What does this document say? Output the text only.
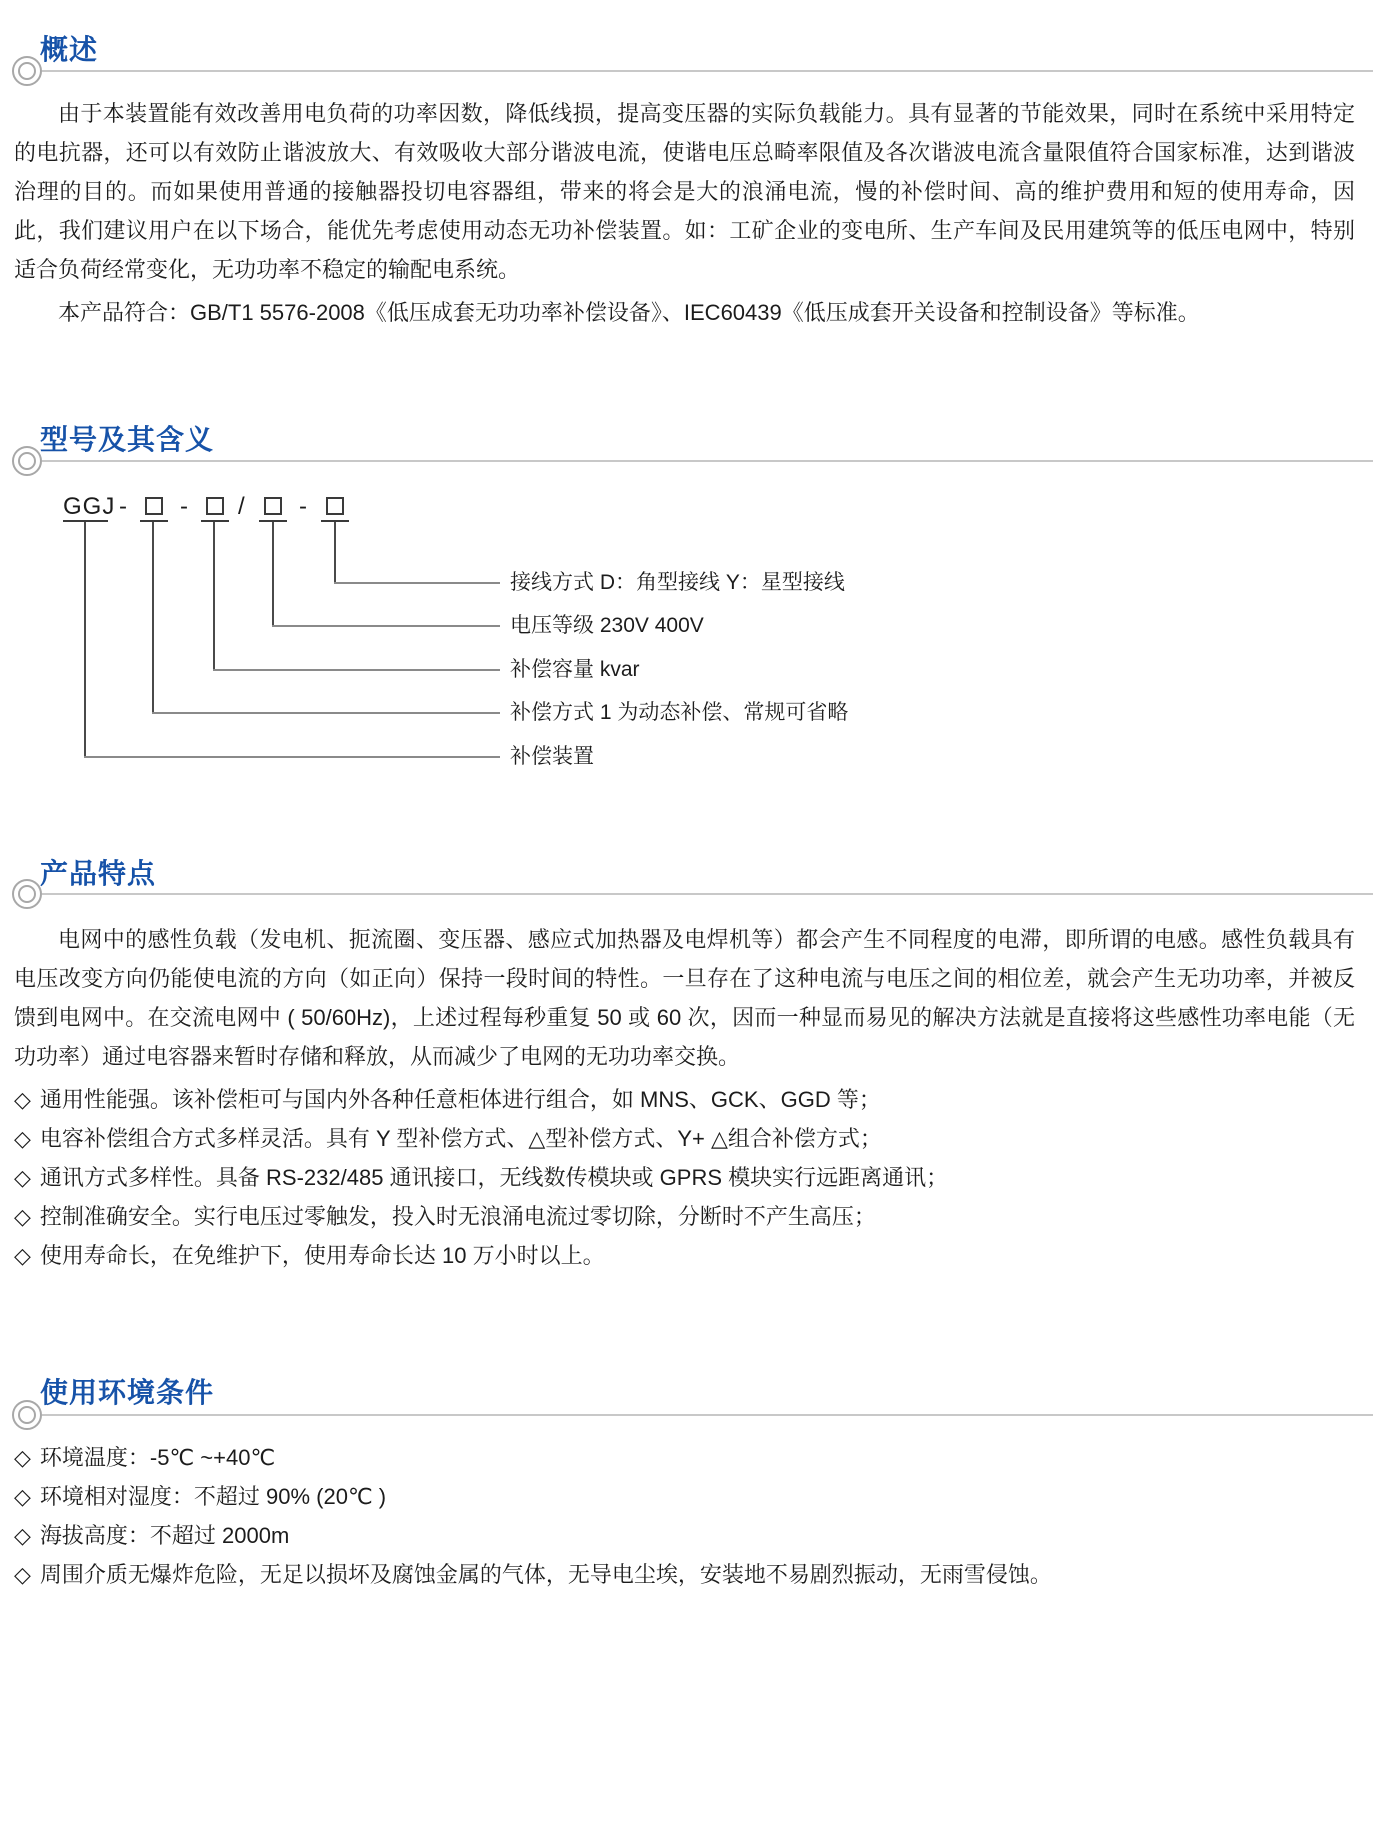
概述

由于本装置能有效改善用电负荷的功率因数，降低线损，提高变压器的实际负载能力。具有显著的节能效果，同时在系统中采用特定的电抗器，还可以有效防止谐波放大、有效吸收大部分谐波电流，使谐电压总畸率限值及各次谐波电流含量限值符合国家标准，达到谐波治理的目的。而如果使用普通的接触器投切电容器组，带来的将会是大的浪涌电流，慢的补偿时间、高的维护费用和短的使用寿命，因此，我们建议用户在以下场合，能优先考虑使用动态无功补偿装置。如：工矿企业的变电所、生产车间及民用建筑等的低压电网中，特别适合负荷经常变化，无功功率不稳定的输配电系统。

本产品符合：GB/T1 5576-2008《低压成套无功功率补偿设备》、IEC60439《低压成套开关设备和控制设备》等标准。

型号及其含义
GGJ - - / -
接线方式 D：角型接线 Y：星型接线
电压等级 230V 400V
补偿容量 kvar
补偿方式 1 为动态补偿、常规可省略
补偿装置
产品特点

电网中的感性负载（发电机、扼流圈、变压器、感应式加热器及电焊机等）都会产生不同程度的电滞，即所谓的电感。感性负载具有电压改变方向仍能使电流的方向（如正向）保持一段时间的特性。一旦存在了这种电流与电压之间的相位差，就会产生无功功率，并被反馈到电网中。在交流电网中 ( 50/60Hz)，上述过程每秒重复 50 或 60 次，因而一种显而易见的解决方法就是直接将这些感性功率电能（无功功率）通过电容器来暂时存储和释放，从而减少了电网的无功功率交换。

◇ 通用性能强。该补偿柜可与国内外各种任意柜体进行组合，如 MNS、GCK、GGD 等；
◇ 电容补偿组合方式多样灵活。具有 Y 型补偿方式、△型补偿方式、Y+ △组合补偿方式；
◇ 通讯方式多样性。具备 RS-232/485 通讯接口，无线数传模块或 GPRS 模块实行远距离通讯；
◇ 控制准确安全。实行电压过零触发，投入时无浪涌电流过零切除，分断时不产生高压；
◇ 使用寿命长，在免维护下，使用寿命长达 10 万小时以上。
使用环境条件
◇ 环境温度：-5℃ ~+40℃
◇ 环境相对湿度：不超过 90% (20℃ )
◇ 海拔高度：不超过 2000m
◇ 周围介质无爆炸危险，无足以损坏及腐蚀金属的气体，无导电尘埃，安装地不易剧烈振动，无雨雪侵蚀。
